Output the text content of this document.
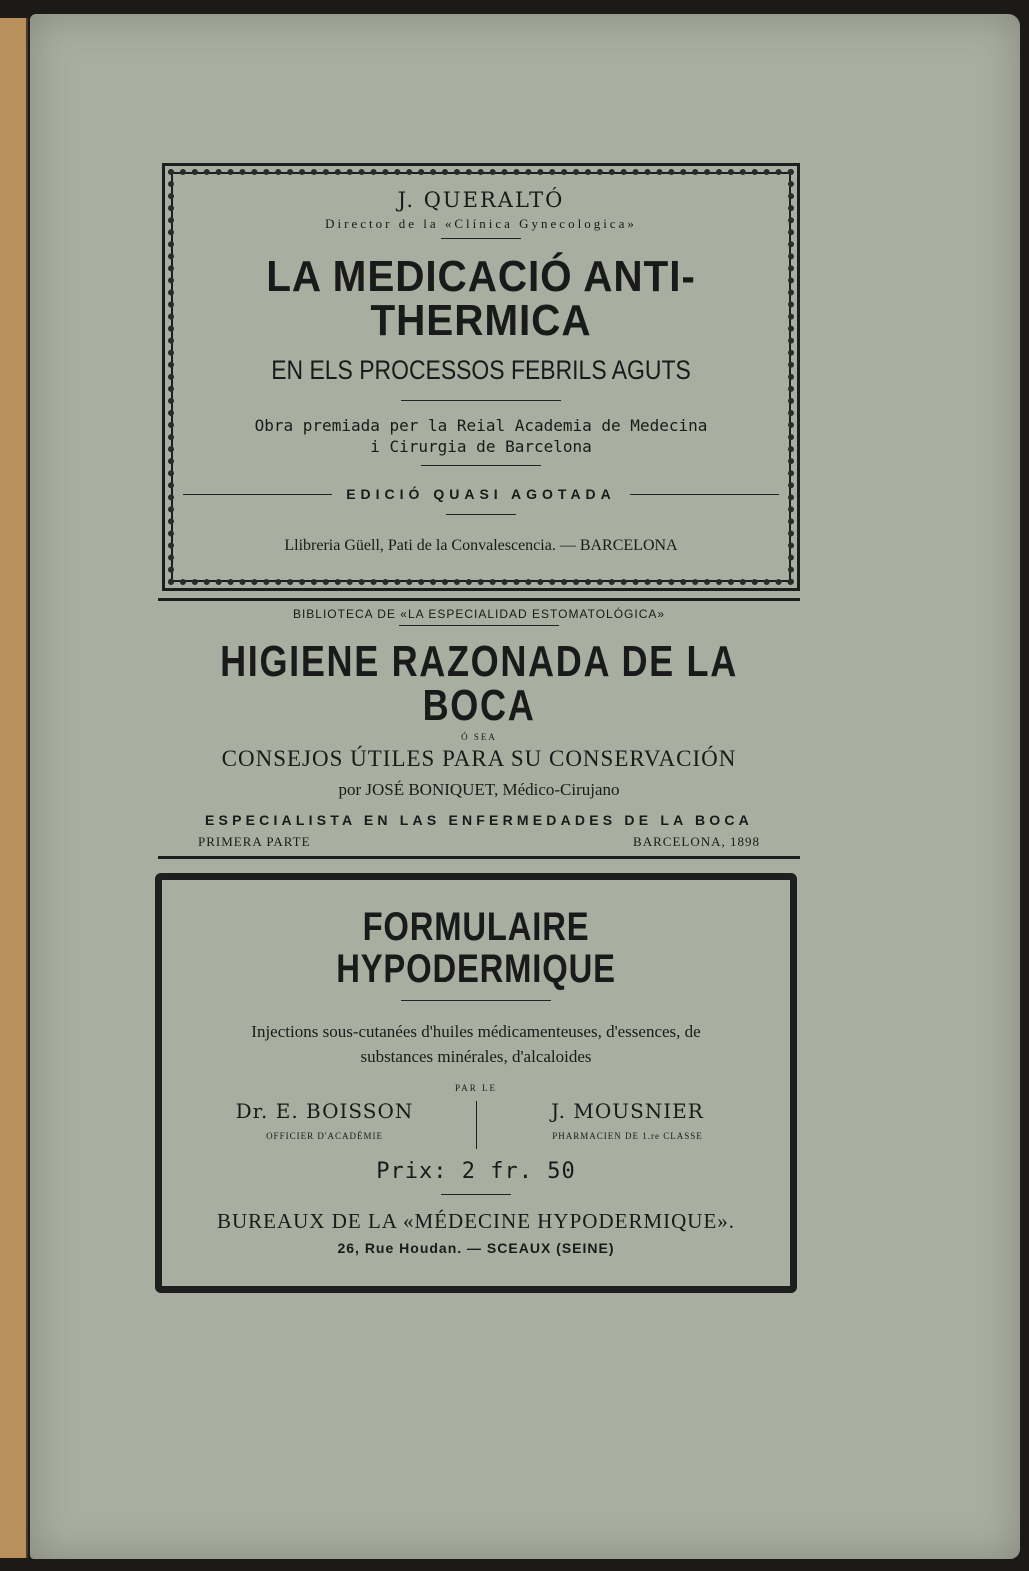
J. QUERALTÓ
Director de la «Clínica Gynecologica»
LA MEDICACIÓ ANTI-THERMICA
EN ELS PROCESSOS FEBRILS AGUTS
Obra premiada per la Reial Academia de Medecina
i Cirurgia de Barcelona
EDICIÓ QUASI AGOTADA
Llibreria Güell, Pati de la Convalescencia. — BARCELONA
BIBLIOTECA DE «LA ESPECIALIDAD ESTOMATOLÓGICA»
HIGIENE RAZONADA DE LA BOCA
Ó SEA
CONSEJOS ÚTILES PARA SU CONSERVACIÓN
por JOSÉ BONIQUET, Médico-Cirujano
ESPECIALISTA EN LAS ENFERMEDADES DE LA BOCA
PRIMERA PARTE	BARCELONA, 1898
FORMULAIRE HYPODERMIQUE
Injections sous-cutanées d'huiles médicamenteuses, d'essences, de
substances minérales, d'alcaloides
PAR LE
Dr. E. BOISSON
OFFICIER D'ACADÉMIE
J. MOUSNIER
PHARMACIEN DE 1.re CLASSE
Prix: 2 fr. 50
BUREAUX DE LA «MÉDECINE HYPODERMIQUE».
26, Rue Houdan. — SCEAUX (SEINE)
